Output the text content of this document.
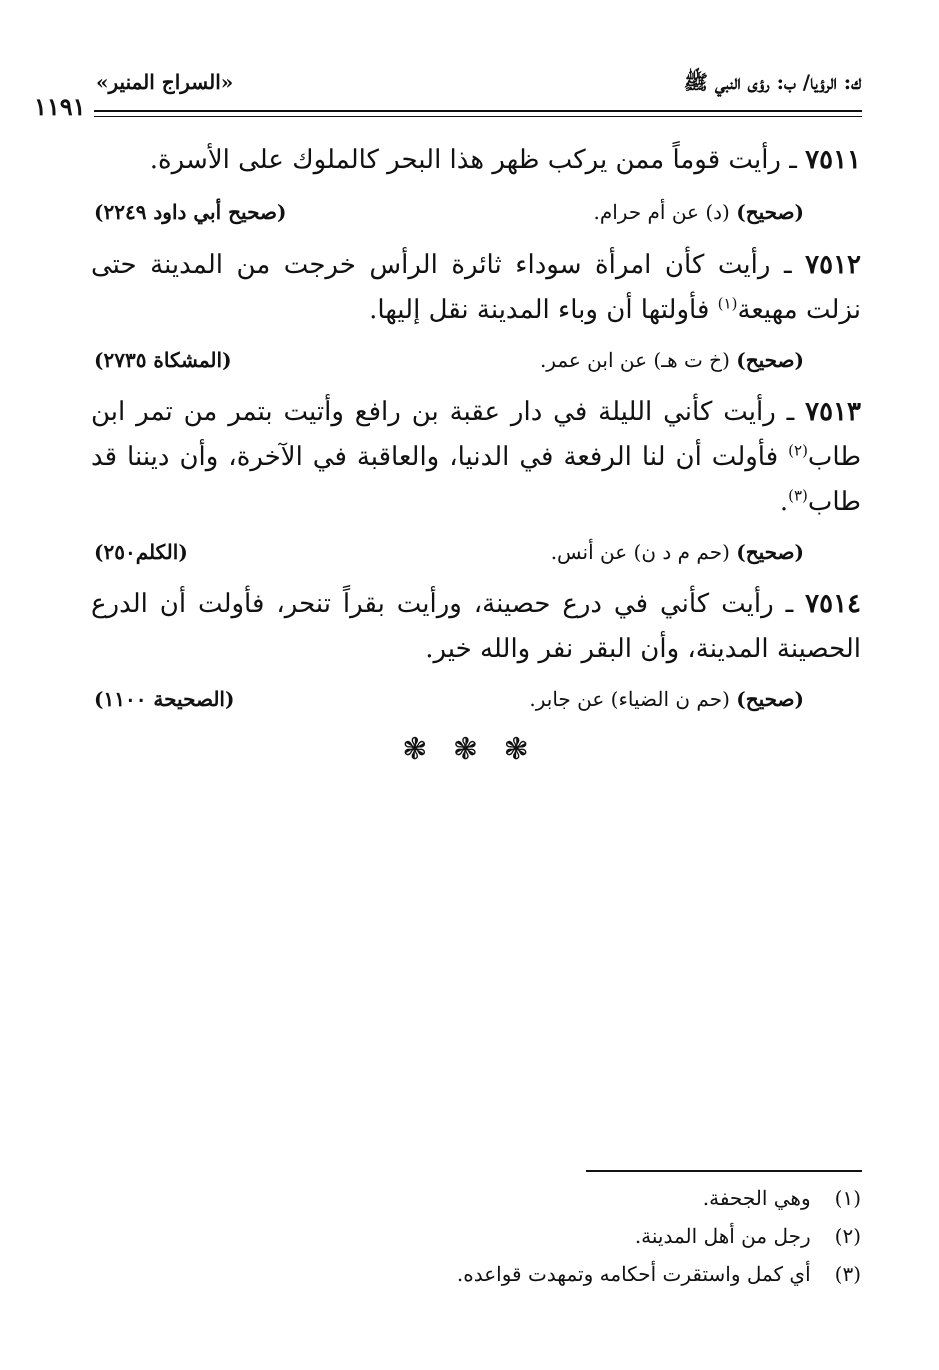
ك: الرؤيا/ ب: رؤى النبي ﷺ
«السراج المنير»
١١٩١
٧٥١١ ـ رأيت قوماً ممن يركب ظهر هذا البحر كالملوك على الأسرة.
(صحيح) (د) عن أم حرام.
(صحيح أبي داود ٢٢٤٩)
٧٥١٢ ـ رأيت كأن امرأة سوداء ثائرة الرأس خرجت من المدينة حتى نزلت مهيعة$^{(١)}$ فأولتها أن وباء المدينة نقل إليها.
(صحيح) (خ ت هـ) عن ابن عمر.
(المشكاة ٢٧٣٥)
٧٥١٣ ـ رأيت كأني الليلة في دار عقبة بن رافع وأتيت بتمر من تمر ابن طاب$^{(٢)}$ فأولت أن لنا الرفعة في الدنيا، والعاقبة في الآخرة، وأن ديننا قد طاب$^{(٣)}$.
(صحيح) (حم م د ن) عن أنس.
(الكلم٢٥٠)
٧٥١٤ ـ رأيت كأني في درع حصينة، ورأيت بقراً تنحر، فأولت أن الدرع الحصينة المدينة، وأن البقر نفر والله خير.
(صحيح) (حم ن الضياء) عن جابر.
(الصحيحة ١١٠٠)
❃ ❃ ❃
(١) وهي الجحفة.
(٢) رجل من أهل المدينة.
(٣) أي كمل واستقرت أحكامه وتمهدت قواعده.
